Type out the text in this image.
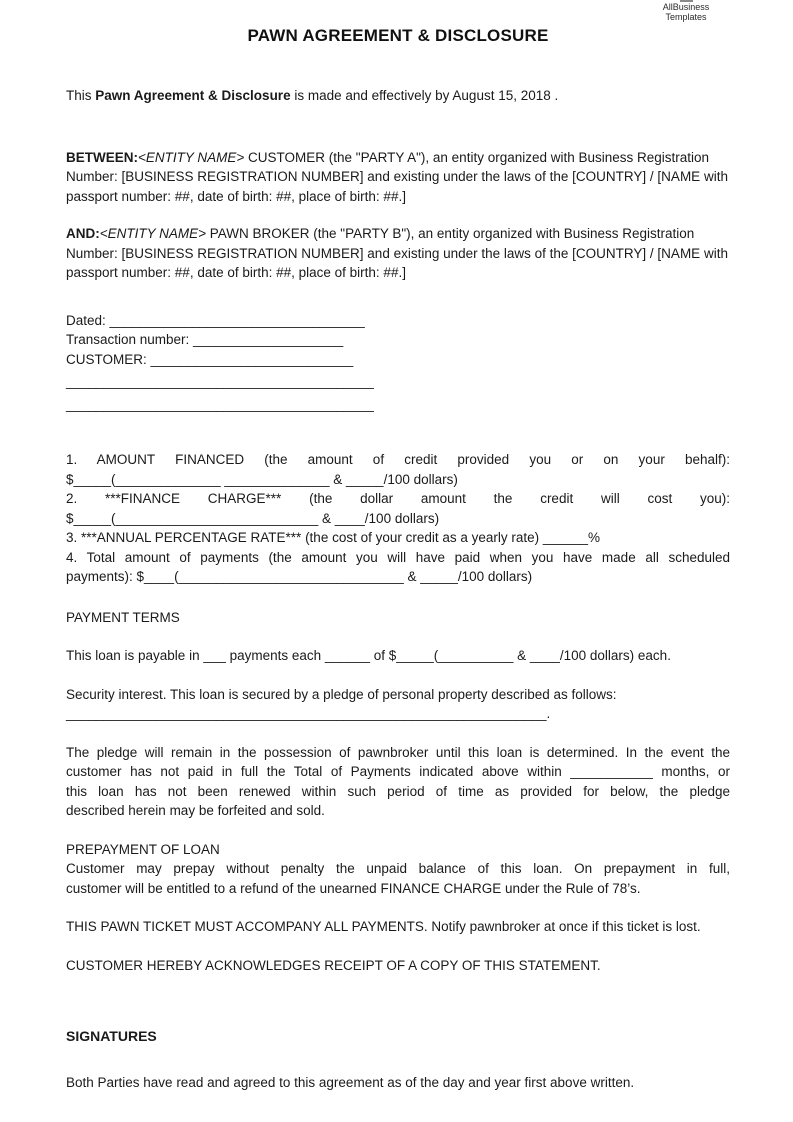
AllBusiness
Templates
PAWN AGREEMENT & DISCLOSURE

This Pawn Agreement & Disclosure is made and effectively by August 15, 2018 .

BETWEEN:<ENTITY NAME> CUSTOMER (the "PARTY A"), an entity organized with Business Registration Number: [BUSINESS REGISTRATION NUMBER] and existing under the laws of the [COUNTRY] / [NAME with passport number: ##, date of birth: ##, place of birth: ##.]

AND:<ENTITY NAME> PAWN BROKER (the "PARTY B"), an entity organized with Business Registration Number: [BUSINESS REGISTRATION NUMBER] and existing under the laws of the [COUNTRY] / [NAME with passport number: ##, date of birth: ##, place of birth: ##.]

Dated: __________________________________
Transaction number: ____________________
CUSTOMER: ___________________________
_________________________________________
_________________________________________
1. AMOUNT FINANCED (the amount of credit provided you or on your behalf):
$_____(______________ ______________ & _____/100 dollars)
2. ***FINANCE CHARGE*** (the dollar amount the credit will cost you):
$_____(___________________________ & ____/100 dollars)
3. ***ANNUAL PERCENTAGE RATE*** (the cost of your credit as a yearly rate) ______%
4. Total amount of payments (the amount you will have paid when you have made all scheduled
payments): $____(______________________________ & _____/100 dollars)
PAYMENT TERMS
This loan is payable in ___ payments each ______ of $_____(__________ & ____/100 dollars) each.
Security interest. This loan is secured by a pledge of personal property described as follows:
________________________________________________________________.
The pledge will remain in the possession of pawnbroker until this loan is determined. In the event the
customer has not paid in full the Total of Payments indicated above within ___________ months, or
this loan has not been renewed within such period of time as provided for below, the pledge
described herein may be forfeited and sold.
PREPAYMENT OF LOAN
Customer may prepay without penalty the unpaid balance of this loan. On prepayment in full,
customer will be entitled to a refund of the unearned FINANCE CHARGE under the Rule of 78’s.
THIS PAWN TICKET MUST ACCOMPANY ALL PAYMENTS. Notify pawnbroker at once if this ticket is lost.
CUSTOMER HEREBY ACKNOWLEDGES RECEIPT OF A COPY OF THIS STATEMENT.
SIGNATURES
Both Parties have read and agreed to this agreement as of the day and year first above written.
